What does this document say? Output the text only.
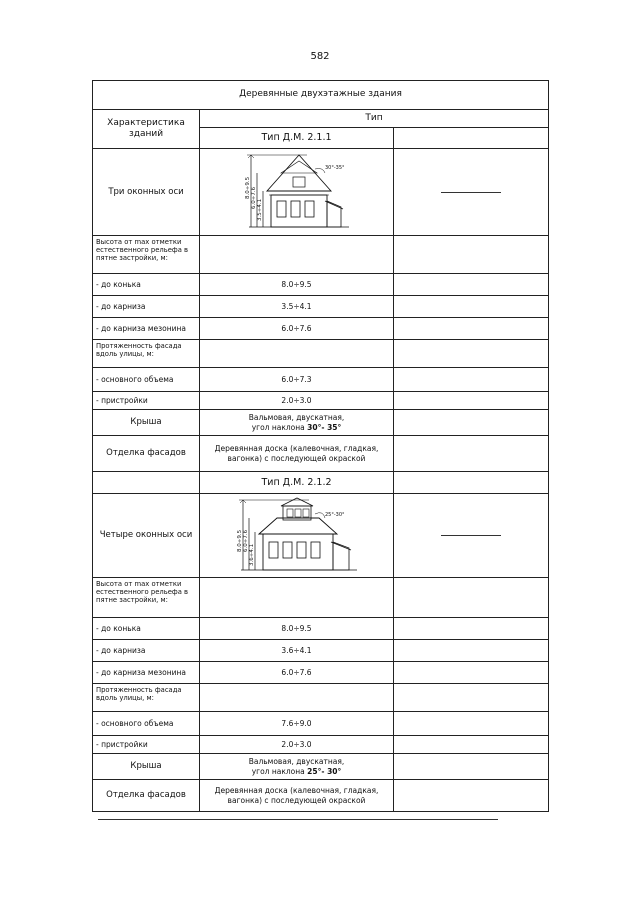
582
Деревянные двухэтажные здания		
Характеристика зданий	Тип	
	Тип Д.М. 2.1.1	
Три оконных оси	8.0÷9.5 6.0÷7.6
3.5÷4.1
30°-35°	

Высота от max отметки естественного рельефа в пятне застройки, м:		
- до конька	8.0÷9.5	
- до карниза	3.5÷4.1	
- до карниза мезонина	6.0÷7.6	
Протяженность фасада вдоль улицы, м:		
- основного объема	6.0÷7.3	
- пристройки	2.0÷3.0	
Крыша	Вальмовая, двускатная,
угол наклона 30°- 35°	

Отделка фасадов	Деревянная доска (калевочная, гладкая, вагонка) с последующей окраской	
	Тип Д.М. 2.1.2	
Четыре оконных оси	8.0÷9.5 6.0÷7.6
3.6÷4.1
25°-30°	

Высота от max отметки естественного рельефа в пятне застройки, м:		
- до конька	8.0÷9.5	
- до карниза	3.6÷4.1	
- до карниза мезонина	6.0÷7.6	
Протяженность фасада вдоль улицы, м:		
- основного объема	7.6÷9.0	
- пристройки	2.0÷3.0	
Крыша	Вальмовая, двускатная,
угол наклона 25°- 30°	

Отделка фасадов	Деревянная доска (калевочная, гладкая, вагонка) с последующей окраской	
